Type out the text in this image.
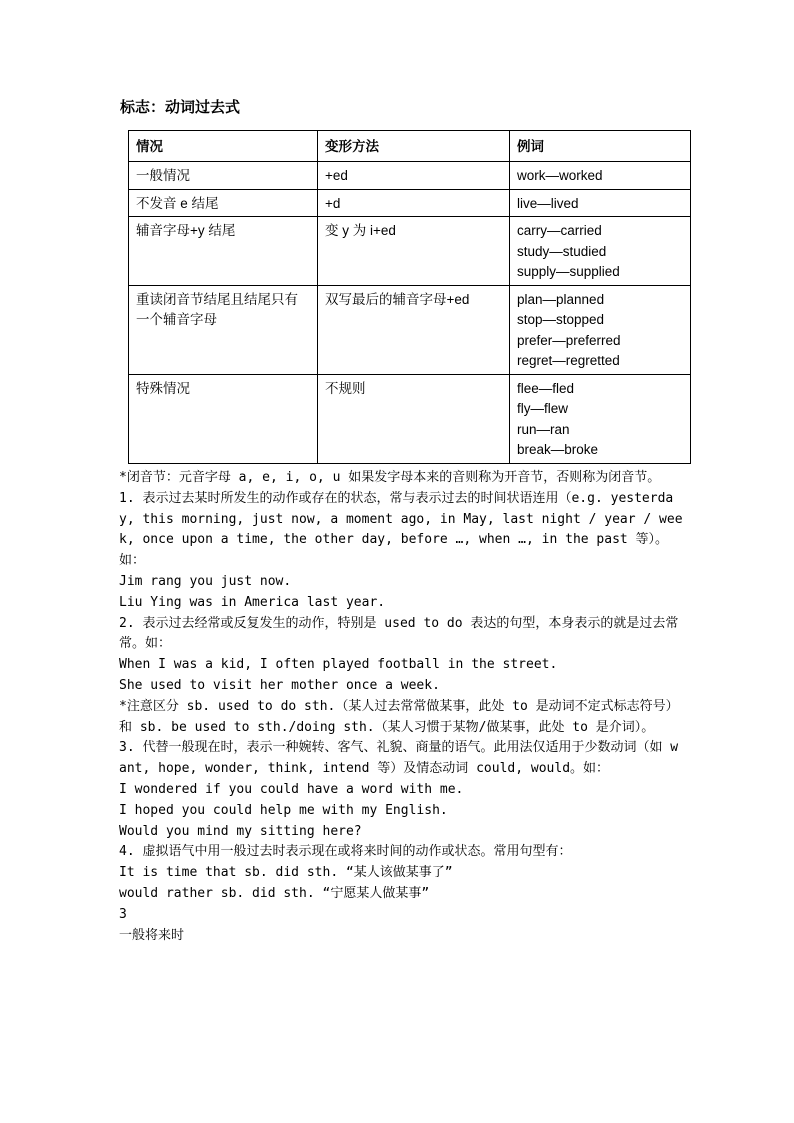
标志：动词过去式
情况	变形方法	例词
一般情况	+ed	work—worked

不发音 e 结尾	+d	live—lived

辅音字母+y 结尾	变 y 为 i+ed	carry—carried
study—studied
supply—supplied

重读闭音节结尾且结尾只有一个辅音字母	双写最后的辅音字母+ed	plan—planned
stop—stopped
prefer—preferred
regret—regretted

特殊情况	不规则	flee—fled
fly—flew
run—ran
break—broke

*闭音节：元音字母 a, e, i, o, u 如果发字母本来的音则称为开音节，否则称为闭音节。

1. 表示过去某时所发生的动作或存在的状态，常与表示过去的时间状语连用（e.g. yesterday, this morning, just now, a moment ago, in May, last night / year / week, once upon a time, the other day, before …, when …, in the past 等）。如：

Jim rang you just now.

Liu Ying was in America last year.

2. 表示过去经常或反复发生的动作，特别是 used to do 表达的句型，本身表示的就是过去常常。如：

When I was a kid, I often played football in the street.

She used to visit her mother once a week.

*注意区分 sb. used to do sth.（某人过去常常做某事，此处 to 是动词不定式标志符号）和 sb. be used to sth./doing sth.（某人习惯于某物/做某事，此处 to 是介词）。

3. 代替一般现在时，表示一种婉转、客气、礼貌、商量的语气。此用法仅适用于少数动词（如 want, hope, wonder, think, intend 等）及情态动词 could, would。如：

I wondered if you could have a word with me.

I hoped you could help me with my English.

Would you mind my sitting here?

4. 虚拟语气中用一般过去时表示现在或将来时间的动作或状态。常用句型有：

It is time that sb. did sth. “某人该做某事了”

would rather sb. did sth. “宁愿某人做某事”

3

一般将来时
